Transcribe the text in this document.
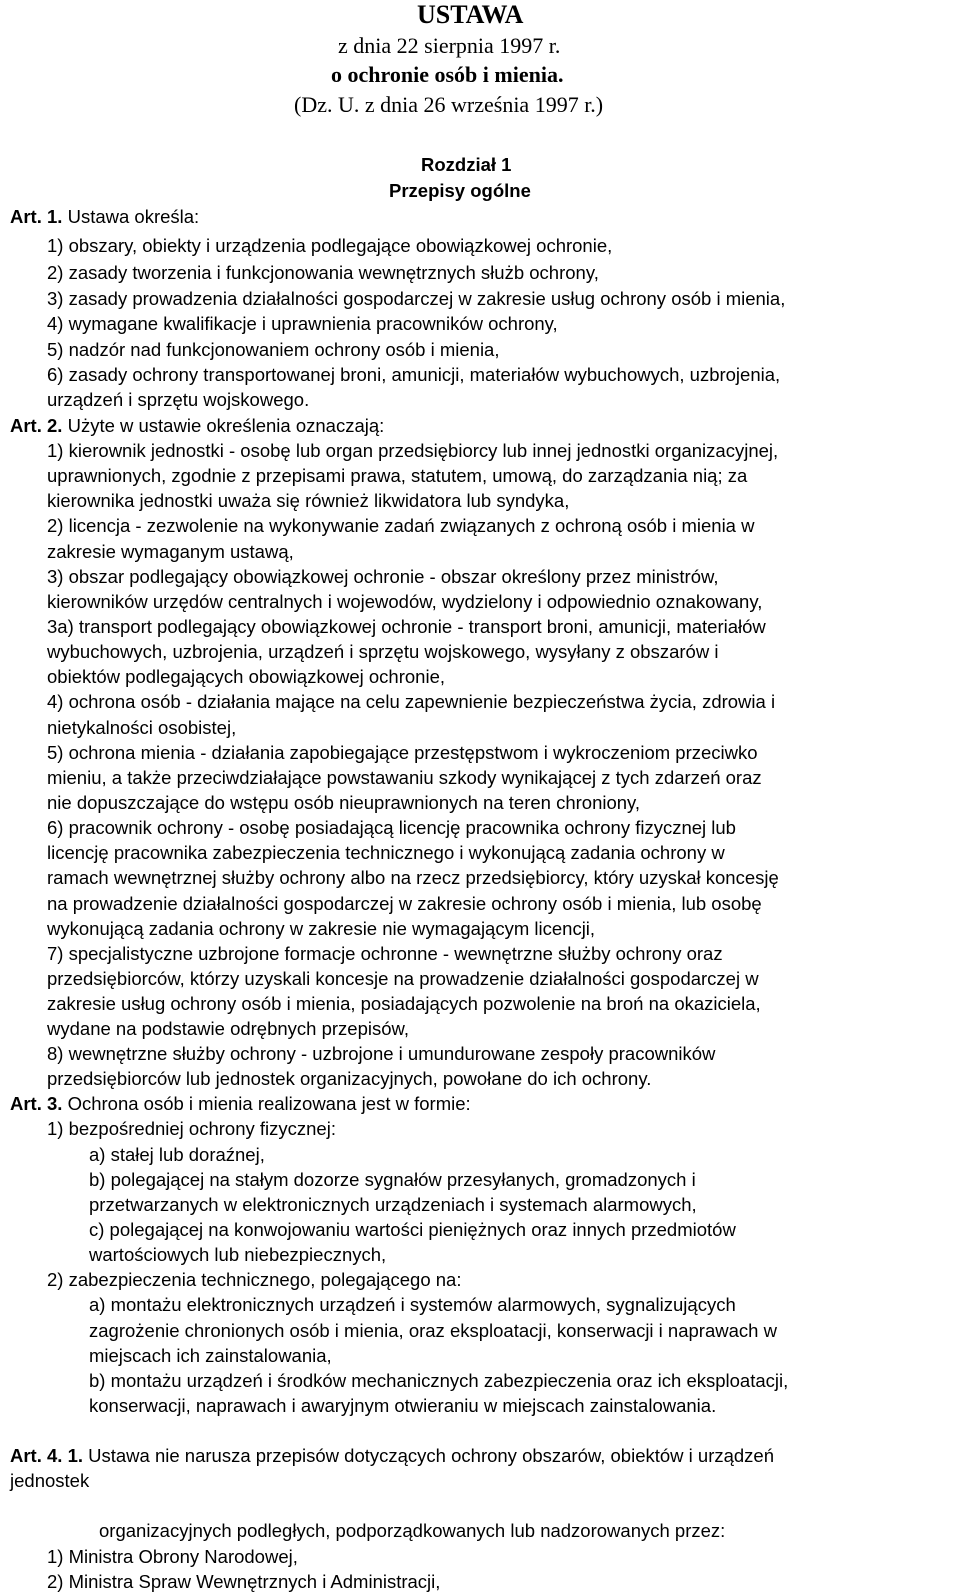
USTAWA
z dnia 22 sierpnia 1997 r.
o ochronie osób i mienia.
(Dz. U. z dnia 26 września 1997 r.)
Rozdział 1
Przepisy ogólne
Art. 1. Ustawa określa:
1) obszary, obiekty i urządzenia podlegające obowiązkowej ochronie,
2) zasady tworzenia i funkcjonowania wewnętrznych służb ochrony,
3) zasady prowadzenia działalności gospodarczej w zakresie usług ochrony osób i mienia,
4) wymagane kwalifikacje i uprawnienia pracowników ochrony,
5) nadzór nad funkcjonowaniem ochrony osób i mienia,
6) zasady ochrony transportowanej broni, amunicji, materiałów wybuchowych, uzbrojenia,
urządzeń i sprzętu wojskowego.
Art. 2. Użyte w ustawie określenia oznaczają:
1) kierownik jednostki - osobę lub organ przedsiębiorcy lub innej jednostki organizacyjnej,
uprawnionych, zgodnie z przepisami prawa, statutem, umową, do zarządzania nią; za
kierownika jednostki uważa się również likwidatora lub syndyka,
2) licencja - zezwolenie na wykonywanie zadań związanych z ochroną osób i mienia w
zakresie wymaganym ustawą,
3) obszar podlegający obowiązkowej ochronie - obszar określony przez ministrów,
kierowników urzędów centralnych i wojewodów, wydzielony i odpowiednio oznakowany,
3a) transport podlegający obowiązkowej ochronie - transport broni, amunicji, materiałów
wybuchowych, uzbrojenia, urządzeń i sprzętu wojskowego, wysyłany z obszarów i
obiektów podlegających obowiązkowej ochronie,
4) ochrona osób - działania mające na celu zapewnienie bezpieczeństwa życia, zdrowia i
nietykalności osobistej,
5) ochrona mienia - działania zapobiegające przestępstwom i wykroczeniom przeciwko
mieniu, a także przeciwdziałające powstawaniu szkody wynikającej z tych zdarzeń oraz
nie dopuszczające do wstępu osób nieuprawnionych na teren chroniony,
6) pracownik ochrony - osobę posiadającą licencję pracownika ochrony fizycznej lub
licencję pracownika zabezpieczenia technicznego i wykonującą zadania ochrony w
ramach wewnętrznej służby ochrony albo na rzecz przedsiębiorcy, który uzyskał koncesję
na prowadzenie działalności gospodarczej w zakresie ochrony osób i mienia, lub osobę
wykonującą zadania ochrony w zakresie nie wymagającym licencji,
7) specjalistyczne uzbrojone formacje ochronne - wewnętrzne służby ochrony oraz
przedsiębiorców, którzy uzyskali koncesje na prowadzenie działalności gospodarczej w
zakresie usług ochrony osób i mienia, posiadających pozwolenie na broń na okaziciela,
wydane na podstawie odrębnych przepisów,
8) wewnętrzne służby ochrony - uzbrojone i umundurowane zespoły pracowników
przedsiębiorców lub jednostek organizacyjnych, powołane do ich ochrony.
Art. 3. Ochrona osób i mienia realizowana jest w formie:
1) bezpośredniej ochrony fizycznej:
a) stałej lub doraźnej,
b) polegającej na stałym dozorze sygnałów przesyłanych, gromadzonych i
przetwarzanych w elektronicznych urządzeniach i systemach alarmowych,
c) polegającej na konwojowaniu wartości pieniężnych oraz innych przedmiotów
wartościowych lub niebezpiecznych,
2) zabezpieczenia technicznego, polegającego na:
a) montażu elektronicznych urządzeń i systemów alarmowych, sygnalizujących
zagrożenie chronionych osób i mienia, oraz eksploatacji, konserwacji i naprawach w
miejscach ich zainstalowania,
b) montażu urządzeń i środków mechanicznych zabezpieczenia oraz ich eksploatacji,
konserwacji, naprawach i awaryjnym otwieraniu w miejscach zainstalowania.
Art. 4. 1. Ustawa nie narusza przepisów dotyczących ochrony obszarów, obiektów i urządzeń
jednostek
organizacyjnych podległych, podporządkowanych lub nadzorowanych przez:
1) Ministra Obrony Narodowej,
2) Ministra Spraw Wewnętrznych i Administracji,
